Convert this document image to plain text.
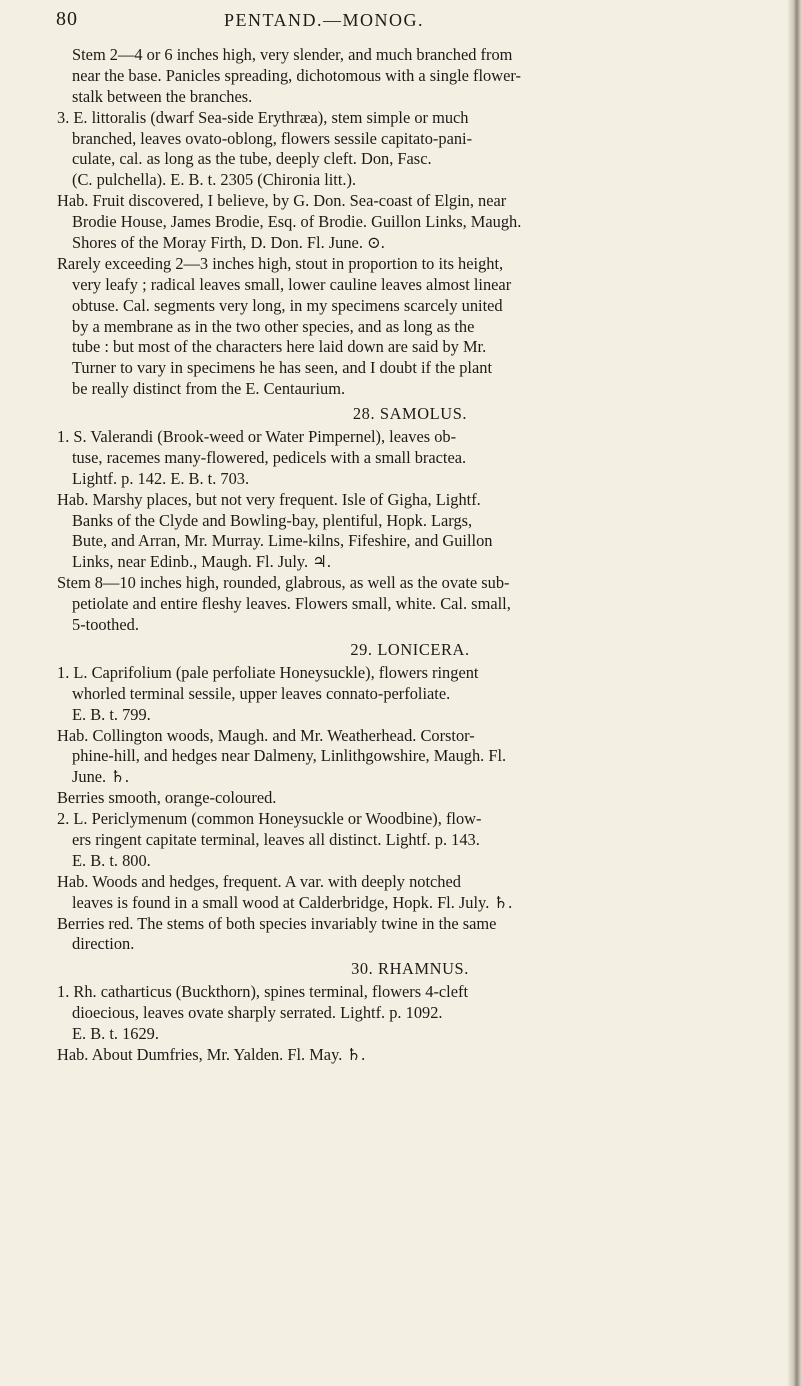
80	PENTAND.—MONOG.
Stem 2—4 or 6 inches high, very slender, and much branched from
near the base. Panicles spreading, dichotomous with a single flower-
stalk between the branches.
3. E. littoralis (dwarf Sea-side Erythræa), stem simple or much
branched, leaves ovato-oblong, flowers sessile capitato-pani-
culate, cal. as long as the tube, deeply cleft. Don, Fasc.
(C. pulchella). E. B. t. 2305 (Chironia litt.).
Hab. Fruit discovered, I believe, by G. Don. Sea-coast of Elgin, near
Brodie House, James Brodie, Esq. of Brodie. Guillon Links, Maugh.
Shores of the Moray Firth, D. Don. Fl. June. ⊙.
Rarely exceeding 2—3 inches high, stout in proportion to its height,
very leafy ; radical leaves small, lower cauline leaves almost linear
obtuse. Cal. segments very long, in my specimens scarcely united
by a membrane as in the two other species, and as long as the
tube : but most of the characters here laid down are said by Mr.
Turner to vary in specimens he has seen, and I doubt if the plant
be really distinct from the E. Centaurium.
28. SAMOLUS.
1. S. Valerandi (Brook-weed or Water Pimpernel), leaves ob-
tuse, racemes many-flowered, pedicels with a small bractea.
Lightf. p. 142. E. B. t. 703.
Hab. Marshy places, but not very frequent. Isle of Gigha, Lightf.
Banks of the Clyde and Bowling-bay, plentiful, Hopk. Largs,
Bute, and Arran, Mr. Murray. Lime-kilns, Fifeshire, and Guillon
Links, near Edinb., Maugh. Fl. July. ♃.
Stem 8—10 inches high, rounded, glabrous, as well as the ovate sub-
petiolate and entire fleshy leaves. Flowers small, white. Cal. small,
5-toothed.
29. LONICERA.
1. L. Caprifolium (pale perfoliate Honeysuckle), flowers ringent
whorled terminal sessile, upper leaves connato-perfoliate.
E. B. t. 799.
Hab. Collington woods, Maugh. and Mr. Weatherhead. Corstor-
phine-hill, and hedges near Dalmeny, Linlithgowshire, Maugh. Fl.
June. ♄.
Berries smooth, orange-coloured.
2. L. Periclymenum (common Honeysuckle or Woodbine), flow-
ers ringent capitate terminal, leaves all distinct. Lightf. p. 143.
E. B. t. 800.
Hab. Woods and hedges, frequent. A var. with deeply notched
leaves is found in a small wood at Calderbridge, Hopk. Fl. July. ♄.
Berries red. The stems of both species invariably twine in the same
direction.
30. RHAMNUS.
1. Rh. catharticus (Buckthorn), spines terminal, flowers 4-cleft
dioecious, leaves ovate sharply serrated. Lightf. p. 1092.
E. B. t. 1629.
Hab. About Dumfries, Mr. Yalden. Fl. May. ♄.
